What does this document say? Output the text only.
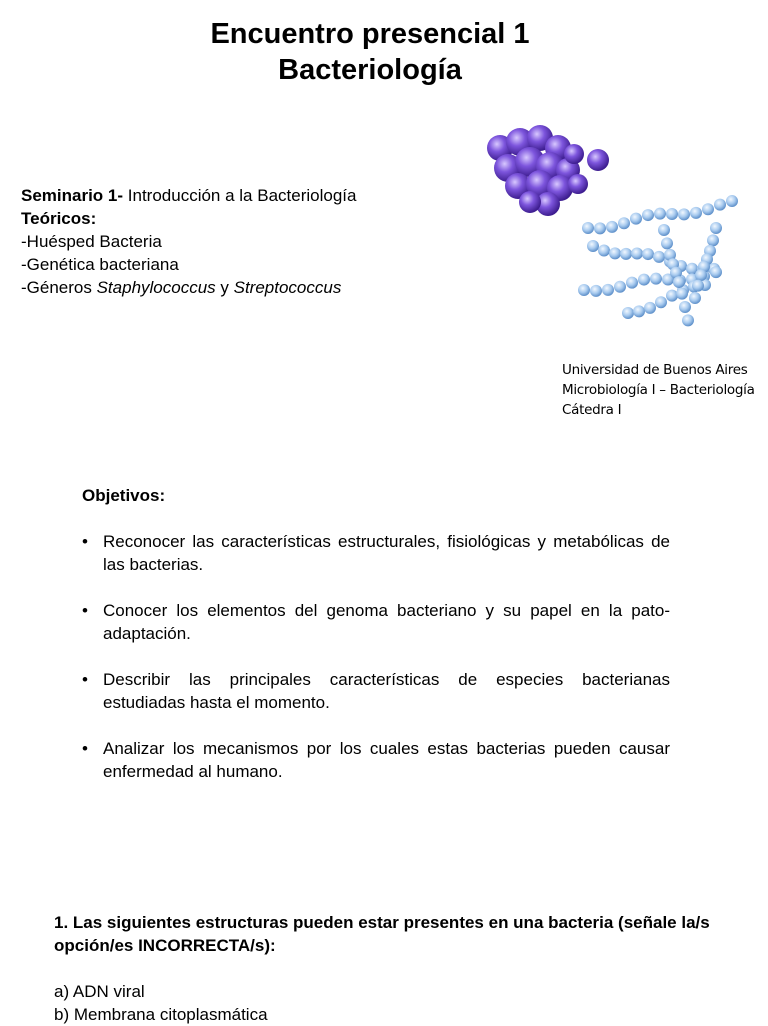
Encuentro presencial 1
Bacteriología
Seminario 1- Introducción a la Bacteriología
Teóricos:
-Huésped Bacteria
-Genética bacteriana
-Géneros Staphylococcus y Streptococcus
Universidad de Buenos Aires
Microbiología I – Bacteriología
Cátedra I
Objetivos:
• Reconocer las características estructurales, fisiológicas y metabólicas de las bacterias.
• Conocer los elementos del genoma bacteriano y su papel en la pato-adaptación.
• Describir las principales características de especies bacterianas estudiadas hasta el momento.
• Analizar los mecanismos por los cuales estas bacterias pueden causar enfermedad al humano.
1. Las siguientes estructuras pueden estar presentes en una bacteria (señale la/s opción/es INCORRECTA/s):
a) ADN viral
b) Membrana citoplasmática
